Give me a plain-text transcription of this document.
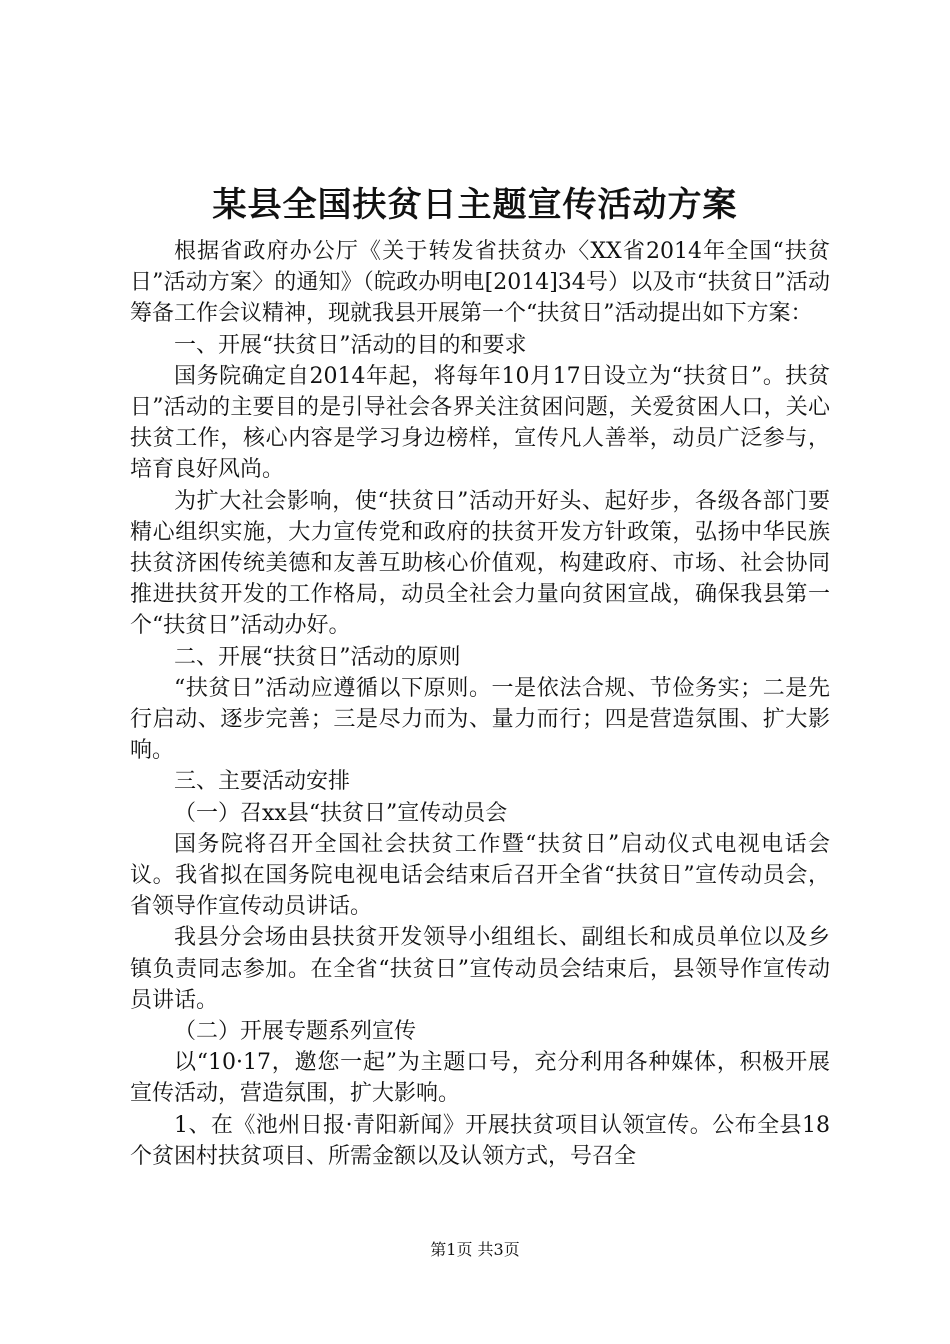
某县全国扶贫日主题宣传活动方案

根据省政府办公厅《关于转发省扶贫办〈XX省2014年全国“扶贫日”活动方案〉的通知》（皖政办明电[2014]34号）以及市“扶贫日”活动筹备工作会议精神，现就我县开展第一个“扶贫日”活动提出如下方案：

一、开展“扶贫日”活动的目的和要求

国务院确定自2014年起，将每年10月17日设立为“扶贫日”。扶贫日”活动的主要目的是引导社会各界关注贫困问题，关爱贫困人口，关心扶贫工作，核心内容是学习身边榜样，宣传凡人善举，动员广泛参与，培育良好风尚。

为扩大社会影响，使“扶贫日”活动开好头、起好步，各级各部门要精心组织实施，大力宣传党和政府的扶贫开发方针政策，弘扬中华民族扶贫济困传统美德和友善互助核心价值观，构建政府、市场、社会协同推进扶贫开发的工作格局，动员全社会力量向贫困宣战，确保我县第一个“扶贫日”活动办好。

二、开展“扶贫日”活动的原则

“扶贫日”活动应遵循以下原则。一是依法合规、节俭务实；二是先行启动、逐步完善；三是尽力而为、量力而行；四是营造氛围、扩大影响。

三、主要活动安排

（一）召xx县“扶贫日”宣传动员会

国务院将召开全国社会扶贫工作暨“扶贫日”启动仪式电视电话会议。我省拟在国务院电视电话会结束后召开全省“扶贫日”宣传动员会，省领导作宣传动员讲话。

我县分会场由县扶贫开发领导小组组长、副组长和成员单位以及乡镇负责同志参加。在全省“扶贫日”宣传动员会结束后，县领导作宣传动员讲话。

（二）开展专题系列宣传

以“10·17，邀您一起”为主题口号，充分利用各种媒体，积极开展宣传活动，营造氛围，扩大影响。

1、在《池州日报·青阳新闻》开展扶贫项目认领宣传。公布全县18个贫困村扶贫项目、所需金额以及认领方式，号召全

第1页 共3页
